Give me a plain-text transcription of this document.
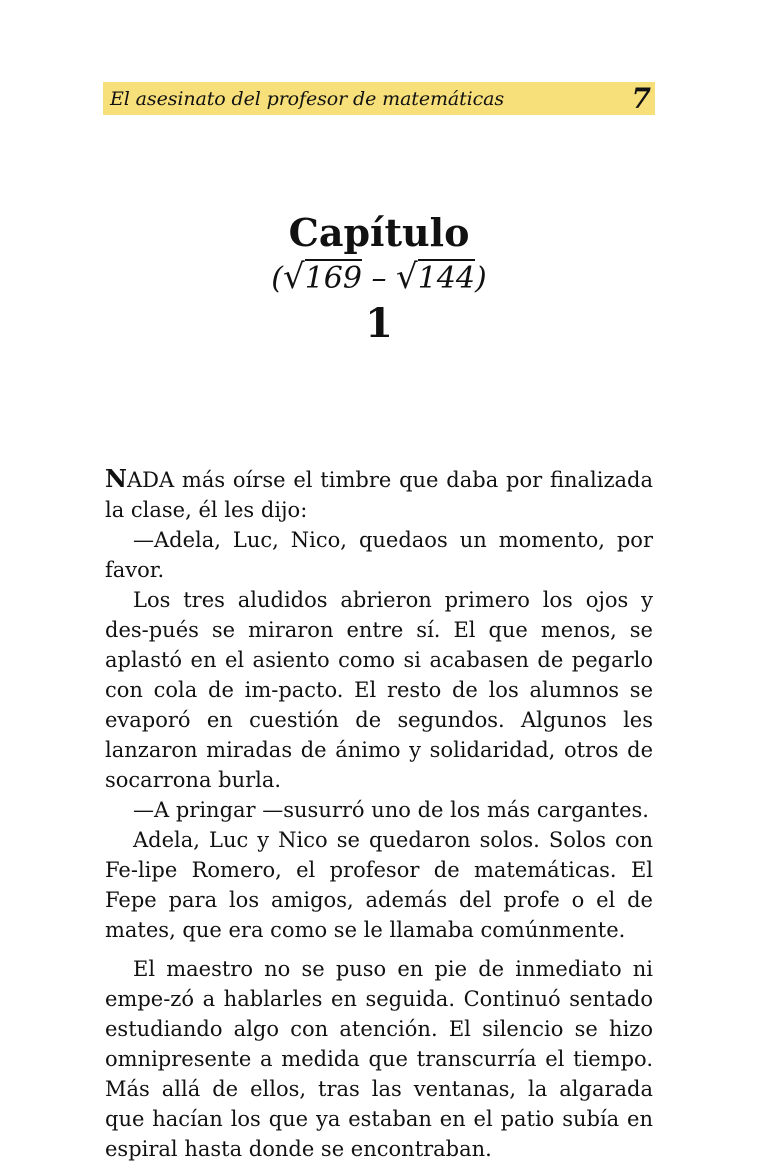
El asesinato del profesor de matemáticas	7
Capítulo
(√169 – √144)
1

NADA más oírse el timbre que daba por finalizada la clase, él les dijo:

—Adela, Luc, Nico, quedaos un momento, por favor.

Los tres aludidos abrieron primero los ojos y des-pués se miraron entre sí. El que menos, se aplastó en el asiento como si acabasen de pegarlo con cola de im-pacto. El resto de los alumnos se evaporó en cuestión de segundos. Algunos les lanzaron miradas de ánimo y solidaridad, otros de socarrona burla.

—A pringar —susurró uno de los más cargantes.

Adela, Luc y Nico se quedaron solos. Solos con Fe-lipe Romero, el profesor de matemáticas. El Fepe para los amigos, además del profe o el de mates, que era como se le llamaba comúnmente.

El maestro no se puso en pie de inmediato ni empe-zó a hablarles en seguida. Continuó sentado estudiando algo con atención. El silencio se hizo omnipresente a medida que transcurría el tiempo. Más allá de ellos, tras las ventanas, la algarada que hacían los que ya estaban en el patio subía en espiral hasta donde se encontraban.
